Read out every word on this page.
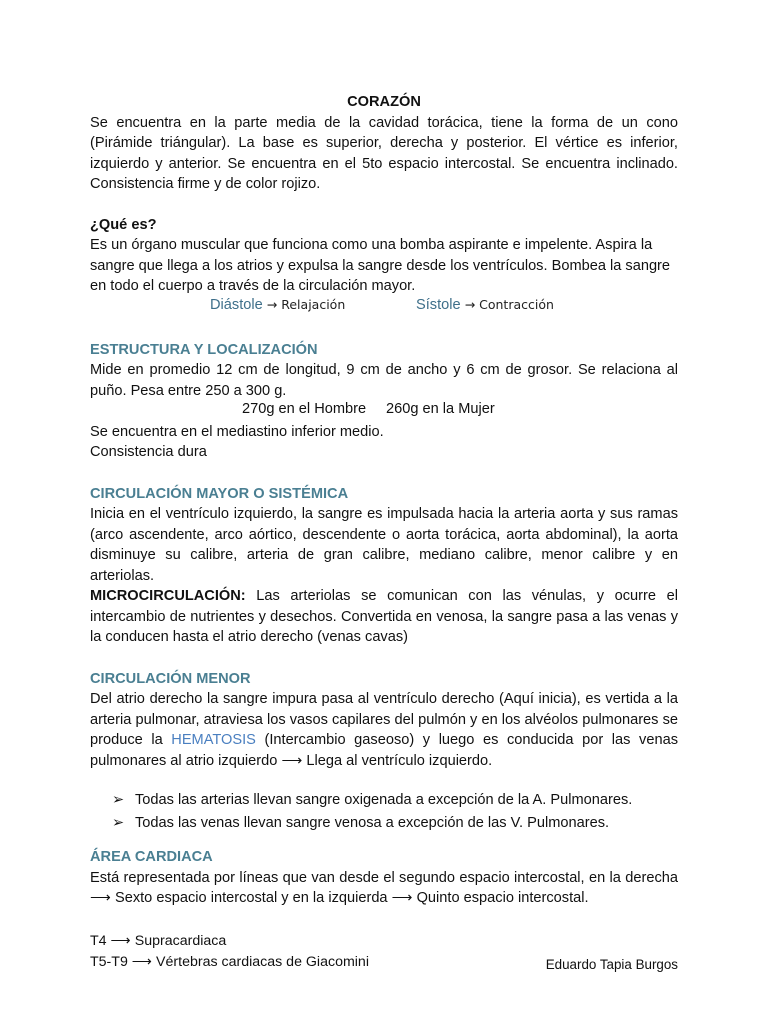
CORAZÓN

Se encuentra en la parte media de la cavidad torácica, tiene la forma de un cono (Pirámide triángular). La base es superior, derecha y posterior. El vértice es inferior, izquierdo y anterior. Se encuentra en el 5to espacio intercostal. Se encuentra inclinado. Consistencia firme y de color rojizo.

¿Qué es?

Es un órgano muscular que funciona como una bomba aspirante e impelente. Aspira la sangre que llega a los atrios y expulsa la sangre desde los ventrículos. Bombea la sangre en todo el cuerpo a través de la circulación mayor.

Diástole → Relajación	Sístole → Contracción
ESTRUCTURA Y LOCALIZACIÓN

Mide en promedio 12 cm de longitud, 9 cm de ancho y 6 cm de grosor. Se relaciona al puño. Pesa entre 250 a 300 g.

270g en el Hombre 260g en la Mujer

Se encuentra en el mediastino inferior medio.

Consistencia dura

CIRCULACIÓN MAYOR O SISTÉMICA

Inicia en el ventrículo izquierdo, la sangre es impulsada hacia la arteria aorta y sus ramas (arco ascendente, arco aórtico, descendente o aorta torácica, aorta abdominal), la aorta disminuye su calibre, arteria de gran calibre, mediano calibre, menor calibre y en arteriolas.

MICROCIRCULACIÓN: Las arteriolas se comunican con las vénulas, y ocurre el intercambio de nutrientes y desechos. Convertida en venosa, la sangre pasa a las venas y la conducen hasta el atrio derecho (venas cavas)

CIRCULACIÓN MENOR

Del atrio derecho la sangre impura pasa al ventrículo derecho (Aquí inicia), es vertida a la arteria pulmonar, atraviesa los vasos capilares del pulmón y en los alvéolos pulmonares se produce la HEMATOSIS (Intercambio gaseoso) y luego es conducida por las venas pulmonares al atrio izquierdo ⟶ Llega al ventrículo izquierdo.

➢ Todas las arterias llevan sangre oxigenada a excepción de la A. Pulmonares.
➢ Todas las venas llevan sangre venosa a excepción de las V. Pulmonares.
ÁREA CARDIACA

Está representada por líneas que van desde el segundo espacio intercostal, en la derecha ⟶ Sexto espacio intercostal y en la izquierda ⟶ Quinto espacio intercostal.

T4 ⟶ Supracardiaca
T5-T9 ⟶ Vértebras cardiacas de Giacomini	Eduardo Tapia Burgos
